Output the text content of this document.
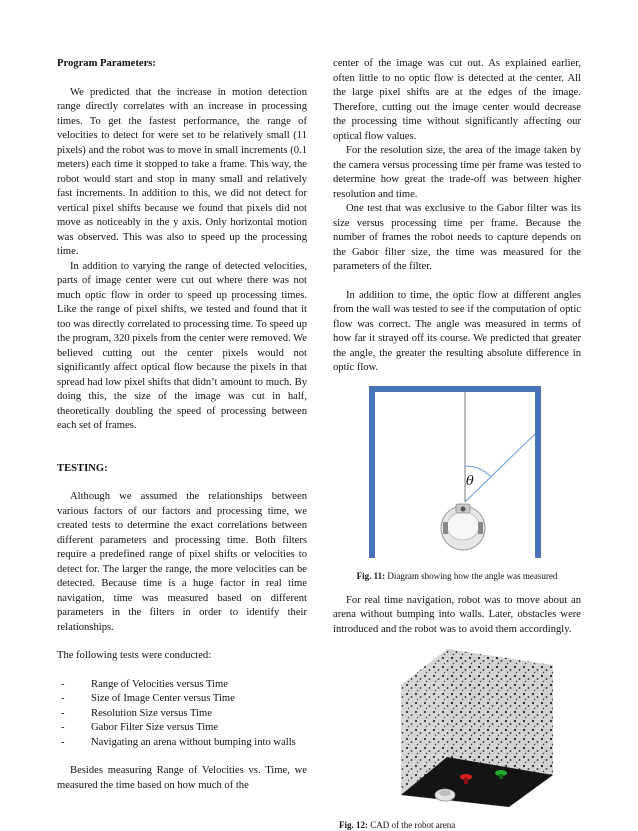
Program Parameters:

We predicted that the increase in motion detection range directly correlates with an increase in processing times. To get the fastest performance, the range of velocities to detect for were set to be relatively small (11 pixels) and the robot was to move in small increments (0.1 meters) each time it stopped to take a frame. This way, the robot would start and stop in many small and relatively fast increments. In addition to this, we did not detect for vertical pixel shifts because we found that pixels did not move as noticeably in the y axis. Only horizontal motion was observed. This was also to speed up the processing time.

In addition to varying the range of detected velocities, parts of image center were cut out where there was not much optic flow in order to speed up processing times. Like the range of pixel shifts, we tested and found that it too was directly correlated to processing time. To speed up the program, 320 pixels from the center were removed. We believed cutting out the center pixels would not significantly affect optical flow because the pixels in that spread had low pixel shifts that didn’t amount to much. By doing this, the size of the image was cut in half, theoretically doubling the speed of processing between each set of frames.

TESTING:

Although we assumed the relationships between various factors of our factors and processing time, we created tests to determine the exact correlations between different parameters and processing time. Both filters require a predefined range of pixel shifts or velocities to detect for. The larger the range, the more velocities can be detected. Because time is a huge factor in real time navigation, time was measured based on different parameters in the filters in order to identify their relationships.

The following tests were conducted:

- Range of Velocities versus Time
- Size of Image Center versus Time
- Resolution Size versus Time
- Gabor Filter Size versus Time
- Navigating an arena without bumping into walls

Besides measuring Range of Velocities vs. Time, we measured the time based on how much of the

center of the image was cut out. As explained earlier, often little to no optic flow is detected at the center. All the large pixel shifts are at the edges of the image. Therefore, cutting out the image center would decrease the processing time without significantly affecting our optical flow values.

For the resolution size, the area of the image taken by the camera versus processing time per frame was tested to determine how great the trade-off was between higher resolution and time.

One test that was exclusive to the Gabor filter was its size versus processing time per frame. Because the number of frames the robot needs to capture depends on the Gabor filter size, the time was measured for the parameters of the filter.

In addition to time, the optic flow at different angles from the wall was tested to see if the computation of optic flow was correct. The angle was measured in terms of how far it strayed off its course. We predicted that greater the angle, the greater the resulting absolute difference in optic flow.

θ

Fig. 11: Diagram showing how the angle was measured

For real time navigation, robot was to move about an arena without bumping into walls. Later, obstacles were introduced and the robot was to avoid them accordingly.

Fig. 12: CAD of the robot arena
